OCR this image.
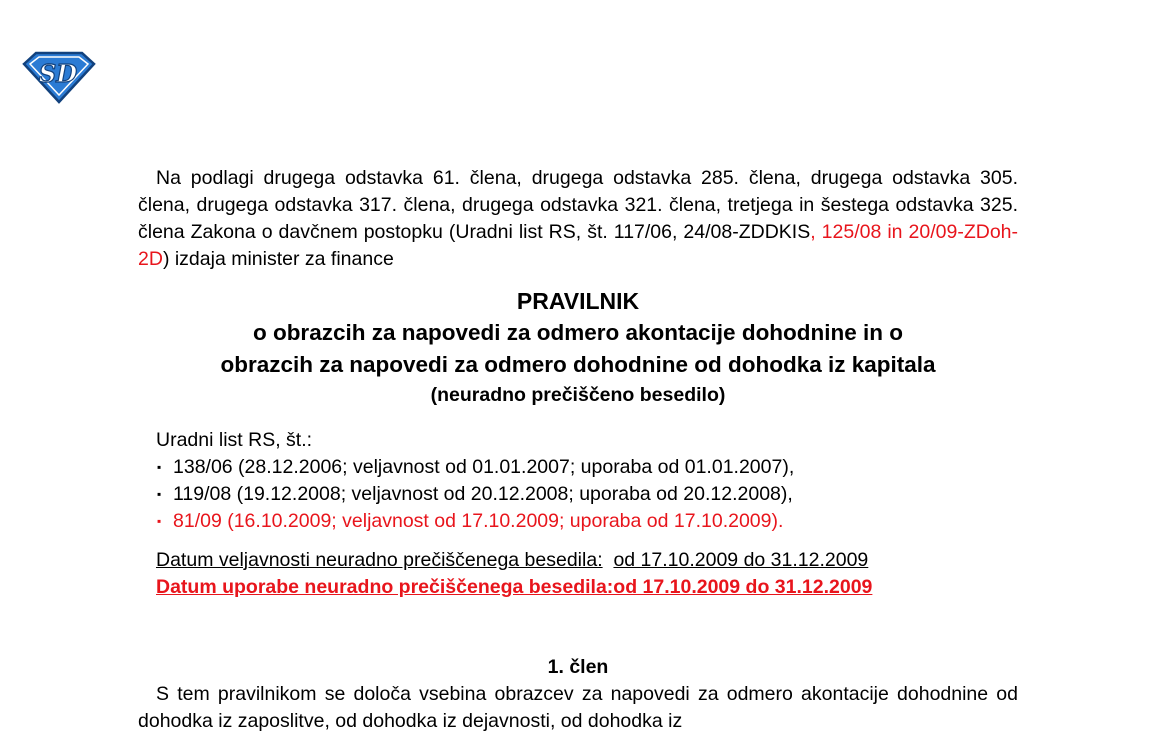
SD

Na podlagi drugega odstavka 61. člena, drugega odstavka 285. člena, drugega odstavka 305. člena, drugega odstavka 317. člena, drugega odstavka 321. člena, tretjega in šestega odstavka 325. člena Zakona o davčnem postopku (Uradni list RS, št. 117/06, 24/08-ZDDKIS, 125/08 in 20/09-ZDoh-2D) izdaja minister za finance

PRAVILNIK
o obrazcih za napovedi za odmero akontacije dohodnine in o
obrazcih za napovedi za odmero dohodnine od dohodka iz kapitala
(neuradno prečiščeno besedilo)
Uradni list RS, št.:
▪ 138/06 (28.12.2006; veljavnost od 01.01.2007; uporaba od 01.01.2007),
▪ 119/08 (19.12.2008; veljavnost od 20.12.2008; uporaba od 20.12.2008),
▪ 81/09 (16.10.2009; veljavnost od 17.10.2009; uporaba od 17.10.2009).
Datum veljavnosti neuradno prečiščenega besedila: od 17.10.2009 do 31.12.2009
Datum uporabe neuradno prečiščenega besedila:od 17.10.2009 do 31.12.2009
1. člen

S tem pravilnikom se določa vsebina obrazcev za napovedi za odmero akontacije dohodnine od dohodka iz zaposlitve, od dohodka iz dejavnosti, od dohodka iz
